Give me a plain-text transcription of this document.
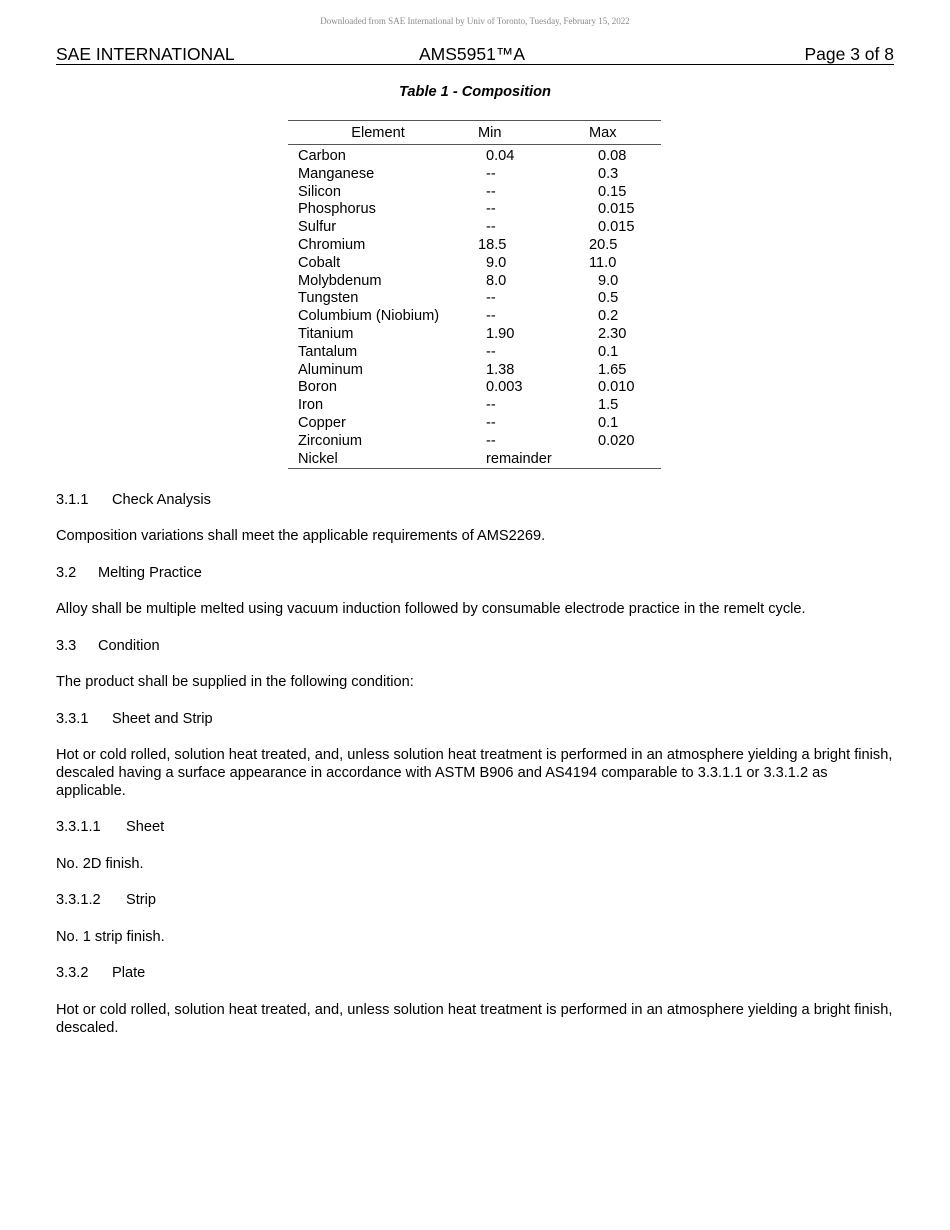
Downloaded from SAE International by Univ of Toronto, Tuesday, February 15, 2022
SAE INTERNATIONAL	AMS5951™A	Page 3 of 8
Table 1 - Composition
Element	Min	Max
Carbon	0.04	0.08
Manganese	--	0.3
Silicon	--	0.15
Phosphorus	--	0.015
Sulfur	--	0.015
Chromium	18.5	20.5
Cobalt	9.0	11.0
Molybdenum	8.0	9.0
Tungsten	--	0.5
Columbium (Niobium)	--	0.2
Titanium	1.90	2.30
Tantalum	--	0.1
Aluminum	1.38	1.65
Boron	0.003	0.010
Iron	--	1.5
Copper	--	0.1
Zirconium	--	0.020
Nickel	remainder	
3.1.1 Check Analysis
Composition variations shall meet the applicable requirements of AMS2269.
3.2 Melting Practice
Alloy shall be multiple melted using vacuum induction followed by consumable electrode practice in the remelt cycle.
3.3 Condition
The product shall be supplied in the following condition:
3.3.1 Sheet and Strip
Hot or cold rolled, solution heat treated, and, unless solution heat treatment is performed in an atmosphere yielding a bright finish, descaled having a surface appearance in accordance with ASTM B906 and AS4194 comparable to 3.3.1.1 or 3.3.1.2 as applicable.
3.3.1.1 Sheet
No. 2D finish.
3.3.1.2 Strip
No. 1 strip finish.
3.3.2 Plate
Hot or cold rolled, solution heat treated, and, unless solution heat treatment is performed in an atmosphere yielding a bright finish, descaled.
